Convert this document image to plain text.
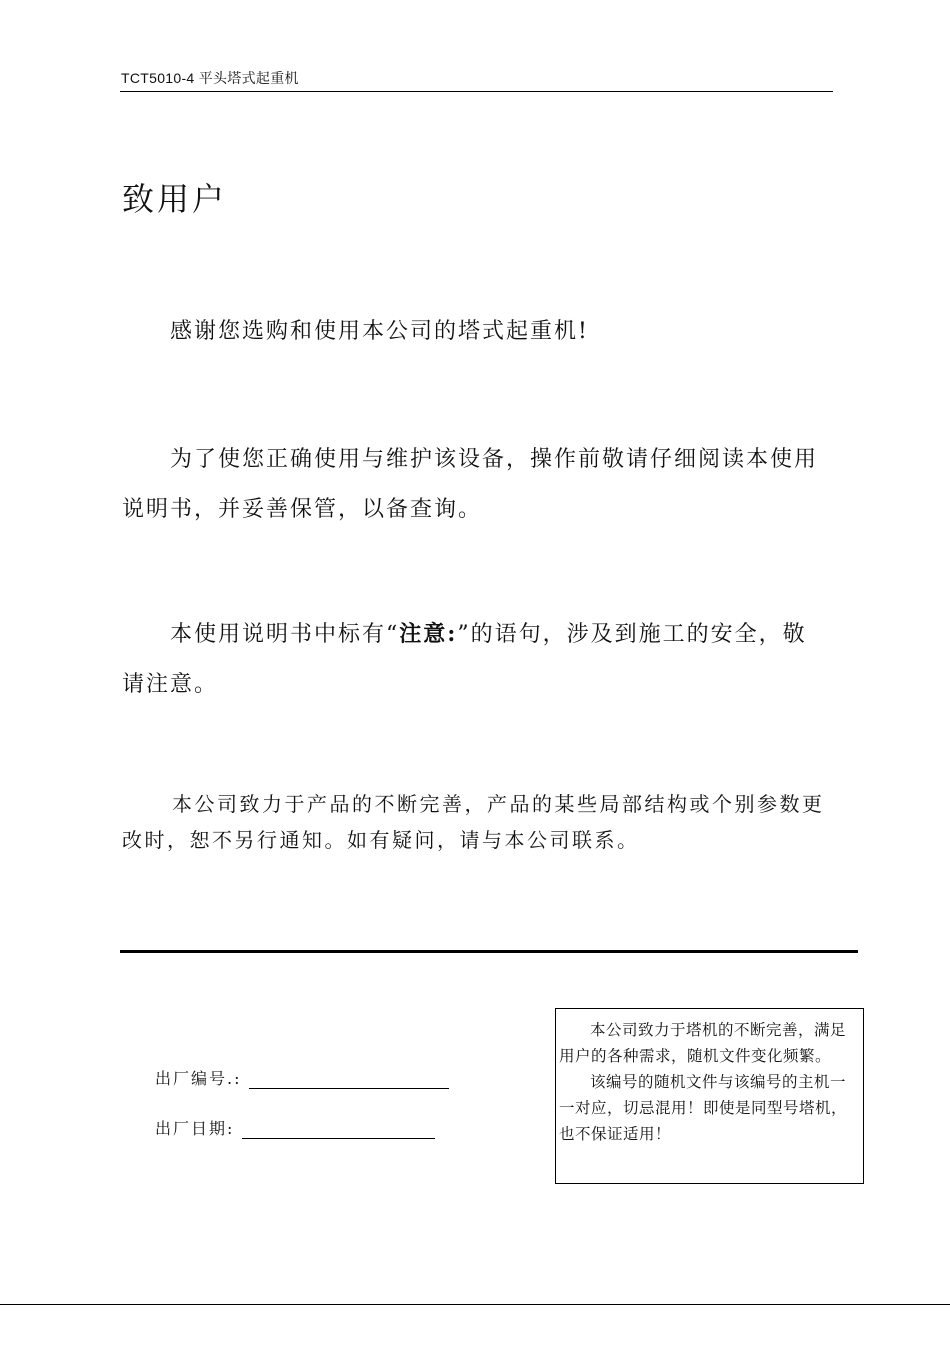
TCT5010-4 平头塔式起重机
致用户

感谢您选购和使用本公司的塔式起重机!

为了使您正确使用与维护该设备，操作前敬请仔细阅读本使用说明书，并妥善保管，以备查询。

本使用说明书中标有“注意:”的语句，涉及到施工的安全，敬请注意。

本公司致力于产品的不断完善，产品的某些局部结构或个别参数更改时，恕不另行通知。如有疑问，请与本公司联系。

出厂编号.:
出厂日期:

本公司致力于塔机的不断完善，满足用户的各种需求，随机文件变化频繁。

该编号的随机文件与该编号的主机一一对应，切忌混用！即使是同型号塔机，也不保证适用！
